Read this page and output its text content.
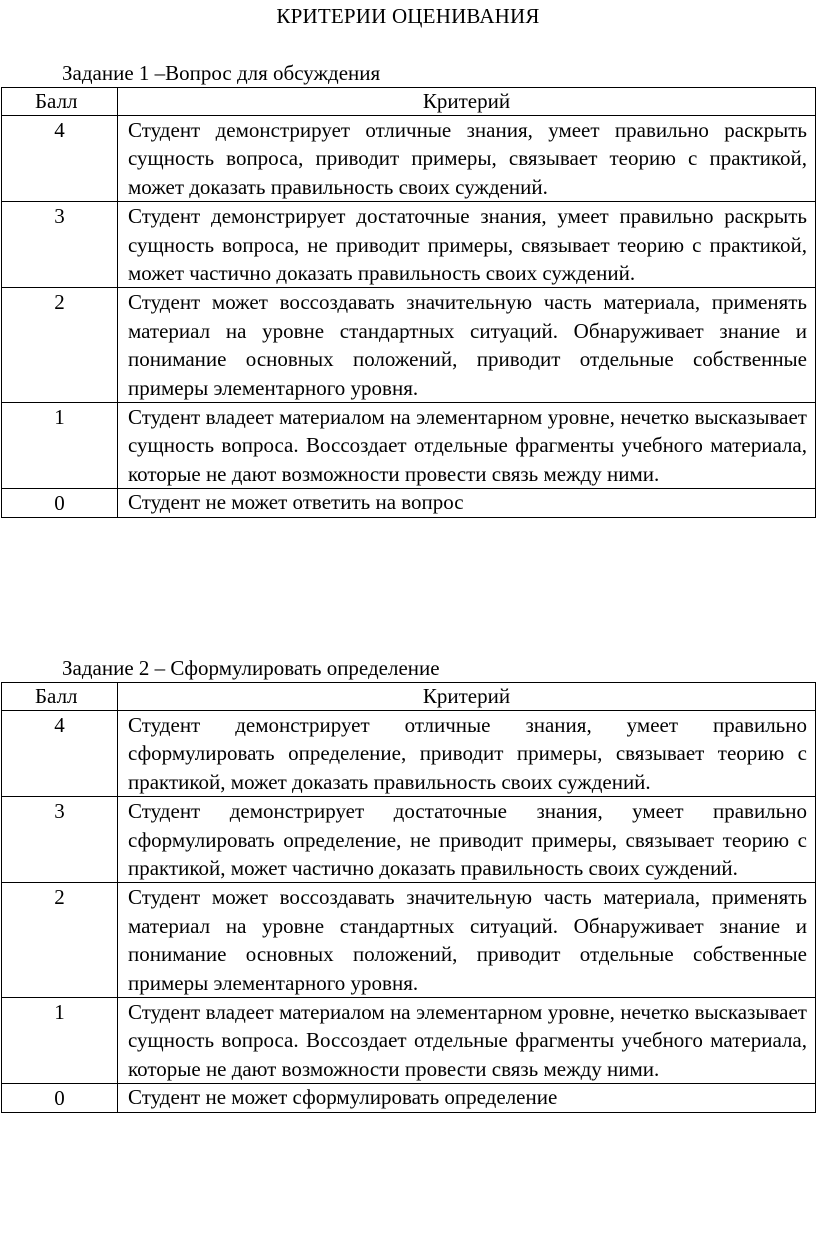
КРИТЕРИИ ОЦЕНИВАНИЯ
Задание 1 –Вопрос для обсуждения
Балл	Критерий
4	Студент демонстрирует отличные знания, умеет правильно раскрыть сущность вопроса, приводит примеры, связывает теорию с практикой, может доказать правильность своих суждений.
3	Студент демонстрирует достаточные знания, умеет правильно раскрыть сущность вопроса, не приводит примеры, связывает теорию с практикой, может частично доказать правильность своих суждений.
2	Студент может воссоздавать значительную часть материала, применять материал на уровне стандартных ситуаций. Обнаруживает знание и понимание основных положений, приводит отдельные собственные примеры элементарного уровня.
1	Студент владеет материалом на элементарном уровне, нечетко высказывает сущность вопроса. Воссоздает отдельные фрагменты учебного материала, которые не дают возможности провести связь между ними.
0	Студент не может ответить на вопрос
Задание 2 – Сформулировать определение
Балл	Критерий
4	Студент демонстрирует отличные знания, умеет правильно сформулировать определение, приводит примеры, связывает теорию с практикой, может доказать правильность своих суждений.
3	Студент демонстрирует достаточные знания, умеет правильно сформулировать определение, не приводит примеры, связывает теорию с практикой, может частично доказать правильность своих суждений.
2	Студент может воссоздавать значительную часть материала, применять материал на уровне стандартных ситуаций. Обнаруживает знание и понимание основных положений, приводит отдельные собственные примеры элементарного уровня.
1	Студент владеет материалом на элементарном уровне, нечетко высказывает сущность вопроса. Воссоздает отдельные фрагменты учебного материала, которые не дают возможности провести связь между ними.
0	Студент не может сформулировать определение
